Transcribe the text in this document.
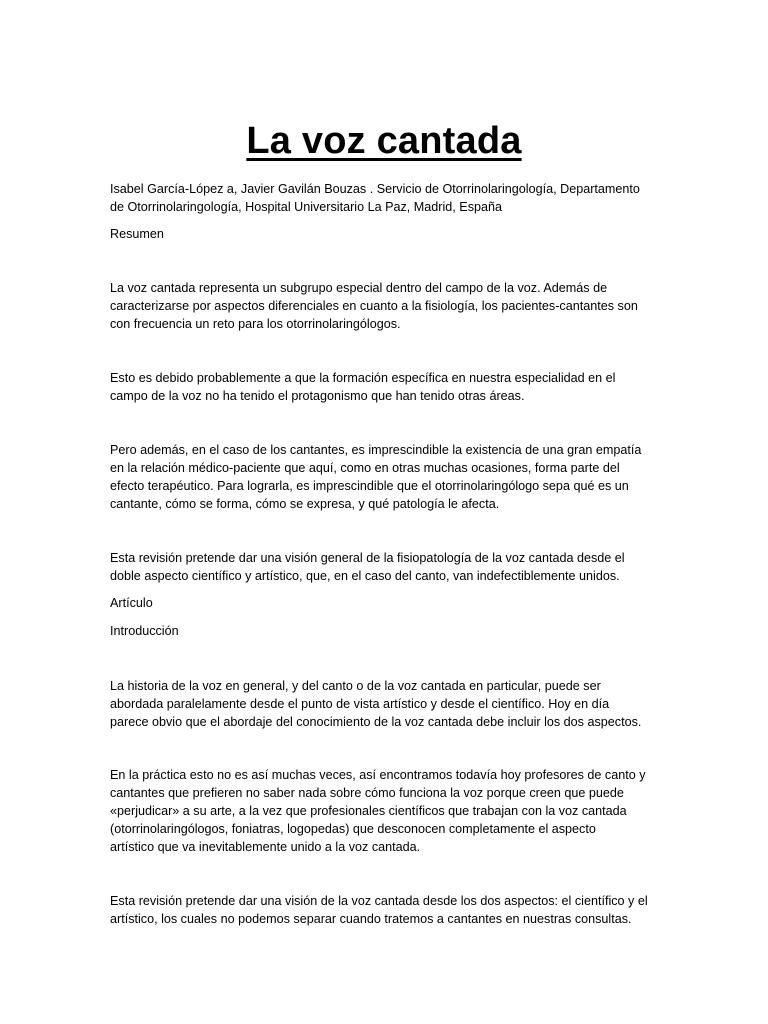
La voz cantada

Isabel García-López a, Javier Gavilán Bouzas . Servicio de Otorrinolaringología, Departamento
de Otorrinolaringología, Hospital Universitario La Paz, Madrid, España

Resumen

La voz cantada representa un subgrupo especial dentro del campo de la voz. Además de
caracterizarse por aspectos diferenciales en cuanto a la fisiología, los pacientes-cantantes son
con frecuencia un reto para los otorrinolaringólogos.

Esto es debido probablemente a que la formación específica en nuestra especialidad en el
campo de la voz no ha tenido el protagonismo que han tenido otras áreas.

Pero además, en el caso de los cantantes, es imprescindible la existencia de una gran empatía
en la relación médico-paciente que aquí, como en otras muchas ocasiones, forma parte del
efecto terapéutico. Para lograrla, es imprescindible que el otorrinolaringólogo sepa qué es un
cantante, cómo se forma, cómo se expresa, y qué patología le afecta.

Esta revisión pretende dar una visión general de la fisiopatología de la voz cantada desde el
doble aspecto científico y artístico, que, en el caso del canto, van indefectiblemente unidos.

Artículo

Introducción

La historia de la voz en general, y del canto o de la voz cantada en particular, puede ser
abordada paralelamente desde el punto de vista artístico y desde el científico. Hoy en día
parece obvio que el abordaje del conocimiento de la voz cantada debe incluir los dos aspectos.

En la práctica esto no es así muchas veces, así encontramos todavía hoy profesores de canto y
cantantes que prefieren no saber nada sobre cómo funciona la voz porque creen que puede
«perjudicar» a su arte, a la vez que profesionales científicos que trabajan con la voz cantada
(otorrinolaringólogos, foniatras, logopedas) que desconocen completamente el aspecto
artístico que va inevitablemente unido a la voz cantada.

Esta revisión pretende dar una visión de la voz cantada desde los dos aspectos: el científico y el
artístico, los cuales no podemos separar cuando tratemos a cantantes en nuestras consultas.
